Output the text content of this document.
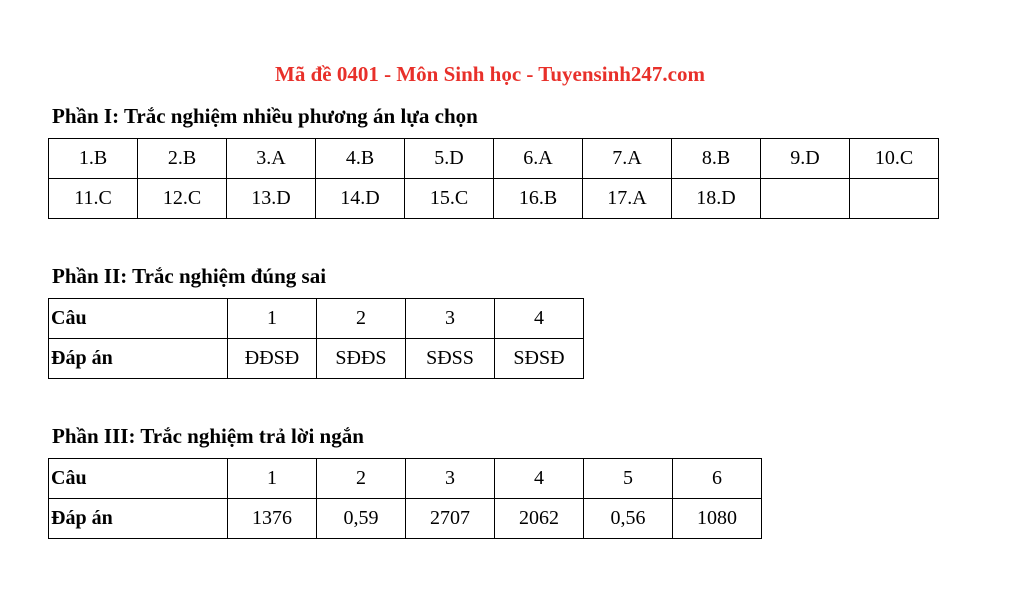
Mã đề 0401 - Môn Sinh học - Tuyensinh247.com
Phần I: Trắc nghiệm nhiều phương án lựa chọn
1.B	2.B	3.A	4.B	5.D	6.A	7.A	8.B	9.D	10.C
11.C	12.C	13.D	14.D	15.C	16.B	17.A	18.D		
Phần II: Trắc nghiệm đúng sai
Câu	1	2	3	4
Đáp án	ĐĐSĐ	SĐĐS	SĐSS	SĐSĐ
Phần III: Trắc nghiệm trả lời ngắn
Câu	1	2	3	4	5	6
Đáp án	1376	0,59	2707	2062	0,56	1080
